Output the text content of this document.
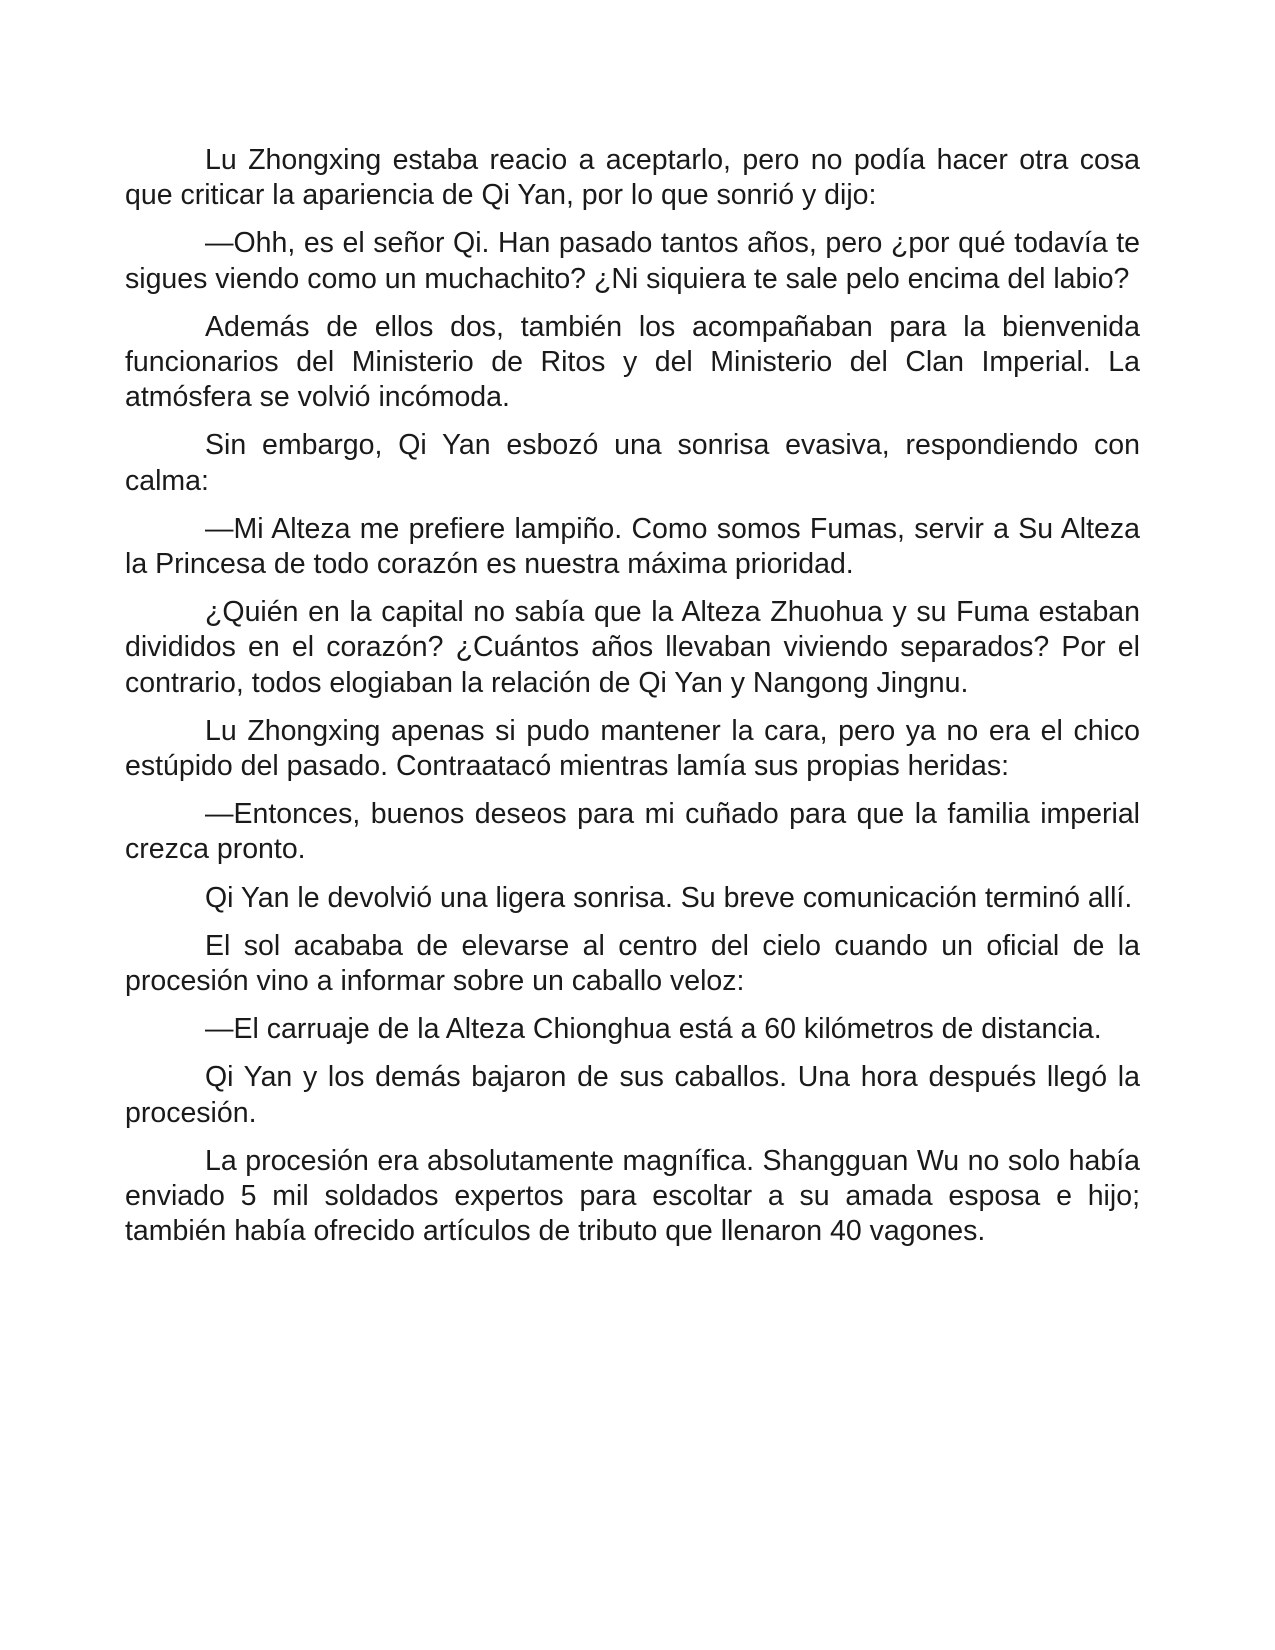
Lu Zhongxing estaba reacio a aceptarlo, pero no podía hacer otra cosa que criticar la apariencia de Qi Yan, por lo que sonrió y dijo:

—Ohh, es el señor Qi. Han pasado tantos años, pero ¿por qué todavía te sigues viendo como un muchachito? ¿Ni siquiera te sale pelo encima del labio?

Además de ellos dos, también los acompañaban para la bienvenida funcionarios del Ministerio de Ritos y del Ministerio del Clan Imperial. La atmósfera se volvió incómoda.

Sin embargo, Qi Yan esbozó una sonrisa evasiva, respondiendo con calma:

—Mi Alteza me prefiere lampiño. Como somos Fumas, servir a Su Alteza la Princesa de todo corazón es nuestra máxima prioridad.

¿Quién en la capital no sabía que la Alteza Zhuohua y su Fuma estaban divididos en el corazón? ¿Cuántos años llevaban viviendo separados? Por el contrario, todos elogiaban la relación de Qi Yan y Nangong Jingnu.

Lu Zhongxing apenas si pudo mantener la cara, pero ya no era el chico estúpido del pasado. Contraatacó mientras lamía sus propias heridas:

—Entonces, buenos deseos para mi cuñado para que la familia imperial crezca pronto.

Qi Yan le devolvió una ligera sonrisa. Su breve comunicación terminó allí.

El sol acababa de elevarse al centro del cielo cuando un oficial de la procesión vino a informar sobre un caballo veloz:

—El carruaje de la Alteza Chionghua está a 60 kilómetros de distancia.

Qi Yan y los demás bajaron de sus caballos. Una hora después llegó la procesión.

La procesión era absolutamente magnífica. Shangguan Wu no solo había enviado 5 mil soldados expertos para escoltar a su amada esposa e hijo; también había ofrecido artículos de tributo que llenaron 40 vagones.
